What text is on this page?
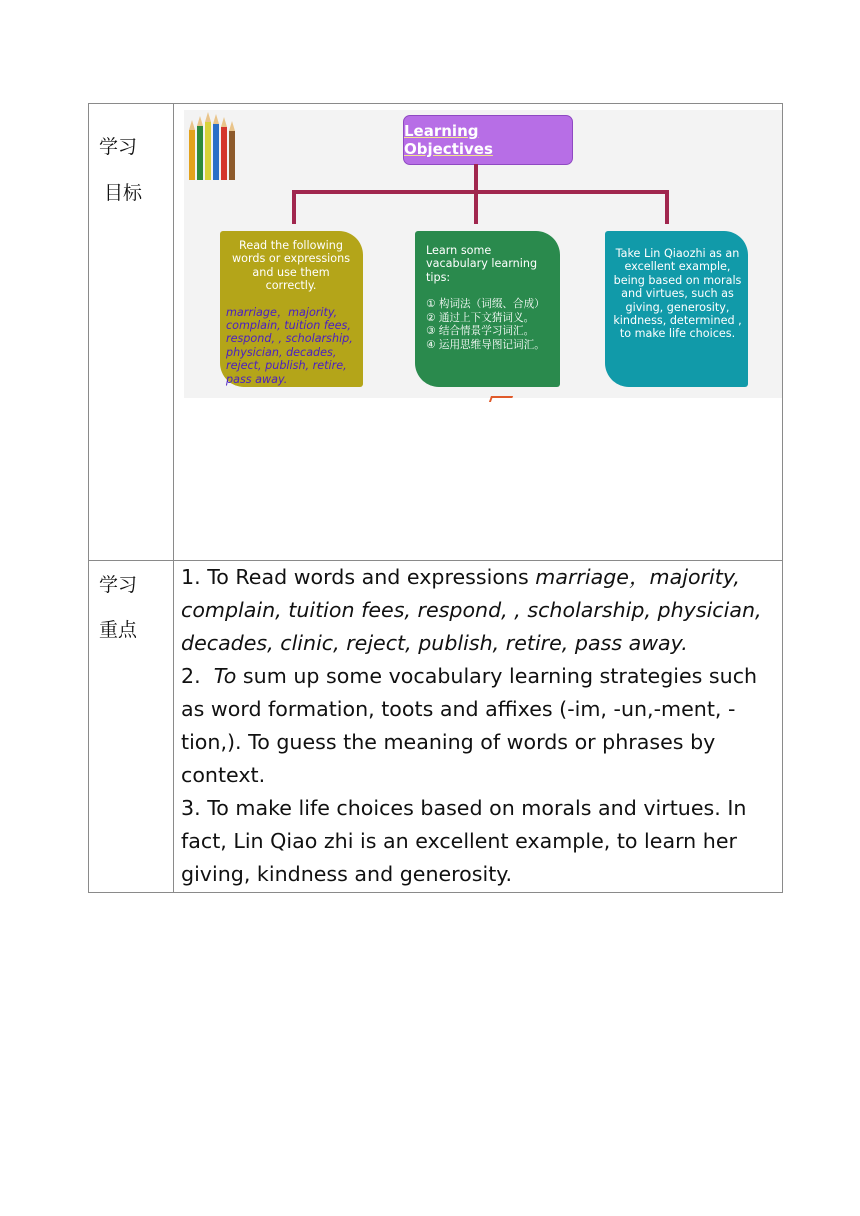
学习
目标
学习
重点
Learning Objectives
Read the following words or expressions and use them correctly.
marriage，majority, complain, tuition fees, respond, , scholarship, physician, decades, reject, publish, retire, pass away.
Learn some vacabulary learning tips:
① 构词法（词缀、合成）
② 通过上下文猜词义。
③ 结合情景学习词汇。
④ 运用思维导图记词汇。
Take Lin Qiaozhi as an excellent example, being based on morals and virtues, such as giving, generosity, kindness, determined , to make life choices.

1. To Read words and expressions marriage，majority, complain, tuition fees, respond, , scholarship, physician, decades, clinic, reject, publish, retire, pass away.

2.  To sum up some vocabulary learning strategies such as word formation, toots and affixes (-im, -un,-ment, -tion,). To guess the meaning of words or phrases by context.

3. To make life choices based on morals and virtues. In fact, Lin Qiao zhi is an excellent example, to learn her giving, kindness and generosity.
